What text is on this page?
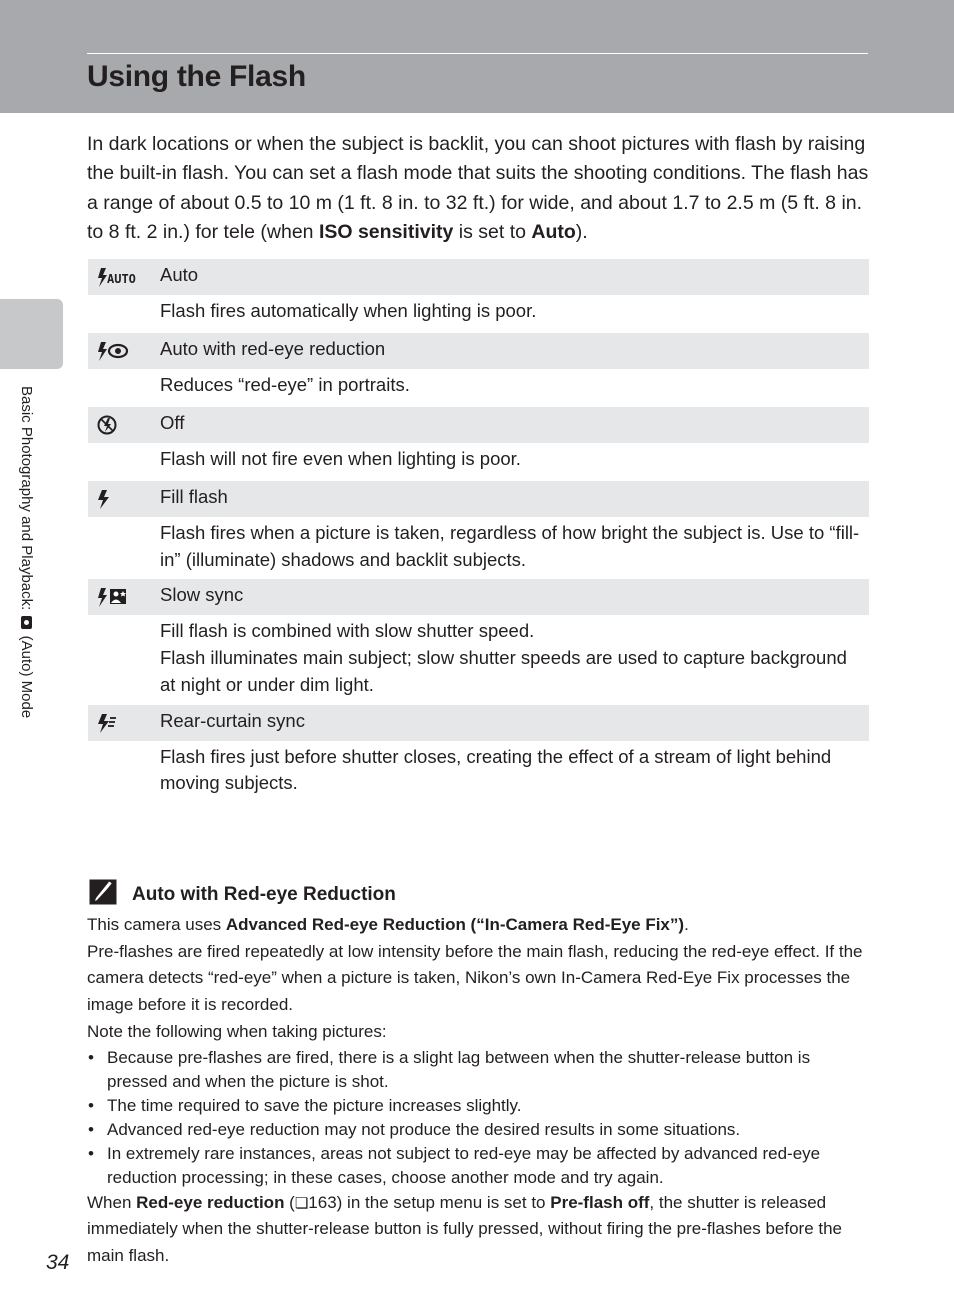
Using the Flash
Basic Photography and Playback:  (Auto) Mode

In dark locations or when the subject is backlit, you can shoot pictures with flash by raising the built-in flash. You can set a flash mode that suits the shooting conditions. The flash has a range of about 0.5 to 10 m (1 ft. 8 in. to 32 ft.) for wide, and about 1.7 to 2.5 m (5 ft. 8 in. to 8 ft. 2 in.) for tele (when ISO sensitivity is set to Auto).

AUTO Auto
Flash fires automatically when lighting is poor.
Auto with red-eye reduction
Reduces “red-eye” in portraits.
Off
Flash will not fire even when lighting is poor.
Fill flash
Flash fires when a picture is taken, regardless of how bright the subject is. Use to “fill-in” (illuminate) shadows and backlit subjects.
Slow sync
Fill flash is combined with slow shutter speed.
Flash illuminates main subject; slow shutter speeds are used to capture background at night or under dim light.
Rear-curtain sync
Flash fires just before shutter closes, creating the effect of a stream of light behind moving subjects.
Auto with Red-eye Reduction

This camera uses Advanced Red-eye Reduction (“In-Camera Red-Eye Fix”).

Pre-flashes are fired repeatedly at low intensity before the main flash, reducing the red-eye effect. If the camera detects “red-eye” when a picture is taken, Nikon’s own In-Camera Red-Eye Fix processes the image before it is recorded.

Note the following when taking pictures:

• Because pre-flashes are fired, there is a slight lag between when the shutter-release button is pressed and when the picture is shot.
• The time required to save the picture increases slightly.
• Advanced red-eye reduction may not produce the desired results in some situations.
• In extremely rare instances, areas not subject to red-eye may be affected by advanced red-eye reduction processing; in these cases, choose another mode and try again.

When Red-eye reduction (❏163) in the setup menu is set to Pre-flash off, the shutter is released immediately when the shutter-release button is fully pressed, without firing the pre-flashes before the main flash.

34
